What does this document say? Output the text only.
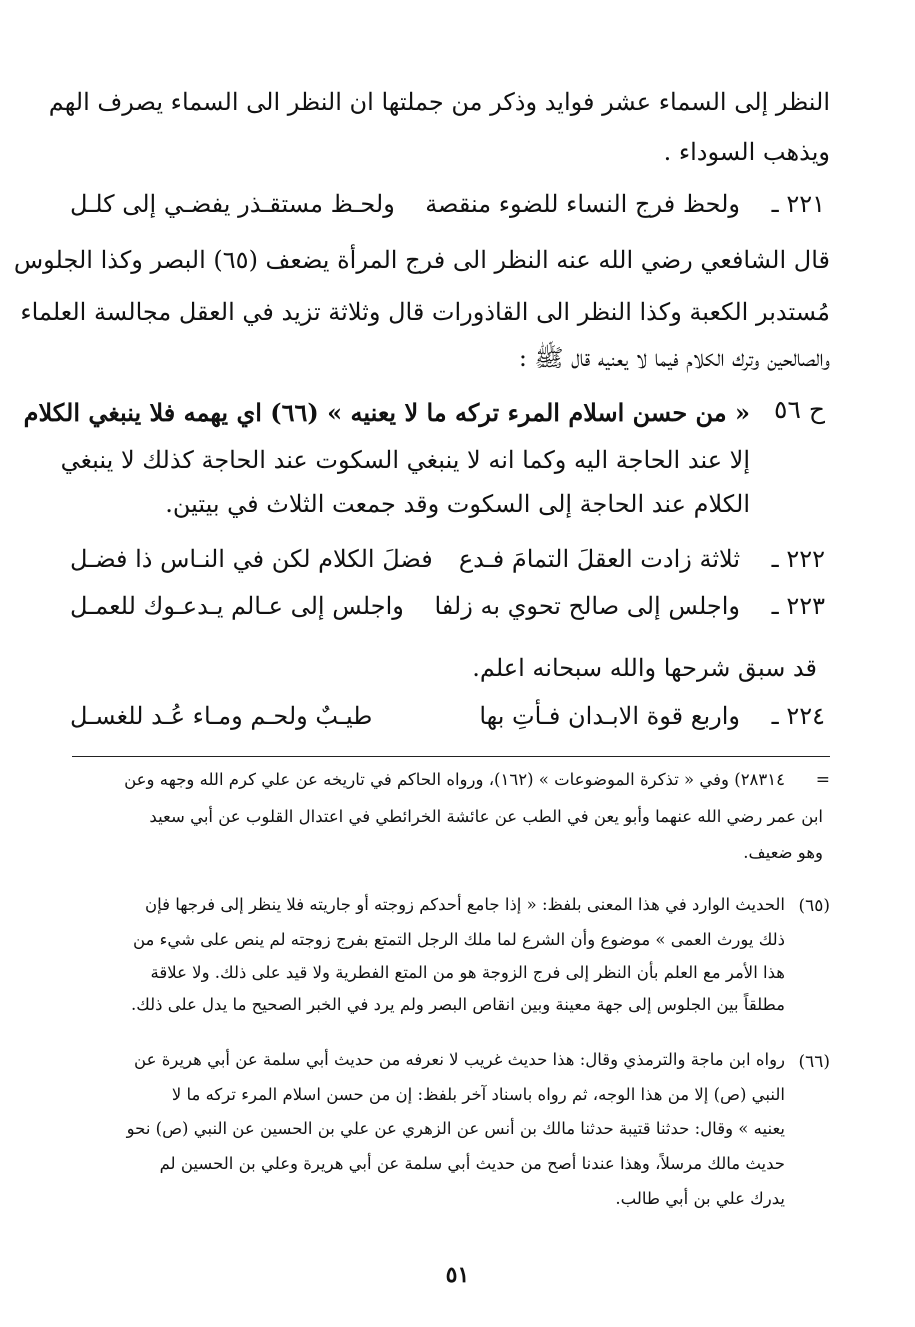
النظر إلى السماء عشر فوايد وذكر من جملتها ان النظر الى السماء يصرف الهم
ويذهب السوداء .
٢٢١ ـ
ولحظ فرج النساء للضوء منقصة
ولحـظ مستقـذر يفضـي إلى كلـل
قال الشافعي رضي الله عنه النظر الى فرج المرأة يضعف (٦٥) البصر وكذا الجلوس
مُستدبر الكعبة وكذا النظر الى القاذورات قال وثلاثة تزيد في العقل مجالسة العلماء
والصالحين وترك الكلام فيما لا يعنيه قال ﷺ :
ح ٥٦
« من حسن اسلام المرء تركه ما لا يعنيه » (٦٦) اي يهمه فلا ينبغي الكلام
إلا عند الحاجة اليه وكما انه لا ينبغي السكوت عند الحاجة كذلك لا ينبغي
الكلام عند الحاجة إلى السكوت وقد جمعت الثلاث في بيتين.
٢٢٢ ـ
ثلاثة زادت العقلَ التمامَ فـدع
فضلَ الكلام لكن في النـاس ذا فضـل
٢٢٣ ـ
واجلس إلى صالح تحوي به زلفا
واجلس إلى عـالم يـدعـوك للعمـل
قد سبق شرحها والله سبحانه اعلم.
٢٢٤ ـ
واربع قوة الابـدان فـأتِ بها
طيـبٌ ولحـم ومـاء عُـد للغسـل
=
٢٨٣١٤) وفي « تذكرة الموضوعات » (١٦٢)، ورواه الحاكم في تاريخه عن علي كرم الله وجهه وعن
ابن عمر رضي الله عنهما وأبو يعن في الطب عن عائشة الخرائطي في اعتدال القلوب عن أبي سعيد
وهو ضعيف.
(٦٥)
الحديث الوارد في هذا المعنى بلفظ: « إذا جامع أحدكم زوجته أو جاريته فلا ينظر إلى فرجها فإن
ذلك يورث العمى » موضوع وأن الشرع لما ملك الرجل التمتع بفرج زوجته لم ينص على شيء من
هذا الأمر مع العلم بأن النظر إلى فرج الزوجة هو من المتع الفطرية ولا قيد على ذلك. ولا علاقة
مطلقاً بين الجلوس إلى جهة معينة وبين انقاص البصر ولم يرد في الخبر الصحيح ما يدل على ذلك.
(٦٦)
رواه ابن ماجة والترمذي وقال: هذا حديث غريب لا نعرفه من حديث أبي سلمة عن أبي هريرة عن
النبي (ص) إلا من هذا الوجه، ثم رواه باسناد آخر بلفظ: إن من حسن اسلام المرء تركه ما لا
يعنيه » وقال: حدثنا قتيبة حدثنا مالك بن أنس عن الزهري عن علي بن الحسين عن النبي (ص) نحو
حديث مالك مرسلاً، وهذا عندنا أصح من حديث أبي سلمة عن أبي هريرة وعلي بن الحسين لم
يدرك علي بن أبي طالب.
٥١
